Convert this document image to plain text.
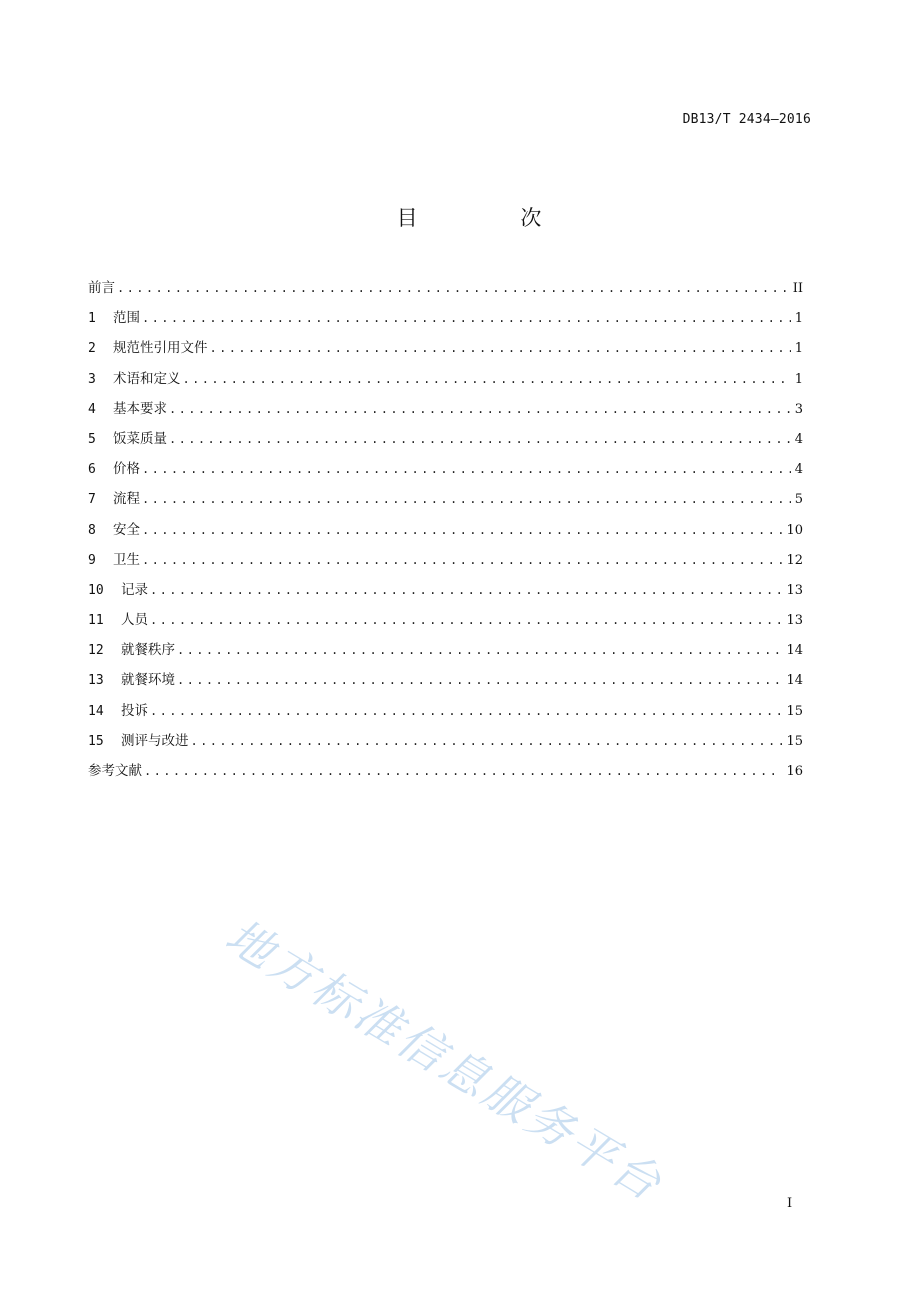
DB13/T 2434—2016
目 次
前言 .....	II
1	范围 .....	1
2	规范性引用文件 .....	1
3	术语和定义 .....	1
4	基本要求 .....	3
5	饭菜质量 .....	4
6	价格 .....	4
7	流程 .....	5
8	安全 .....	10
9	卫生 .....	12
10	记录 .....	13
11	人员 .....	13
12	就餐秩序 .....	14
13	就餐环境 .....	14
14	投诉 .....	15
15	测评与改进 .....	15
参考文献 .....	16
地方标准信息服务平台	I
